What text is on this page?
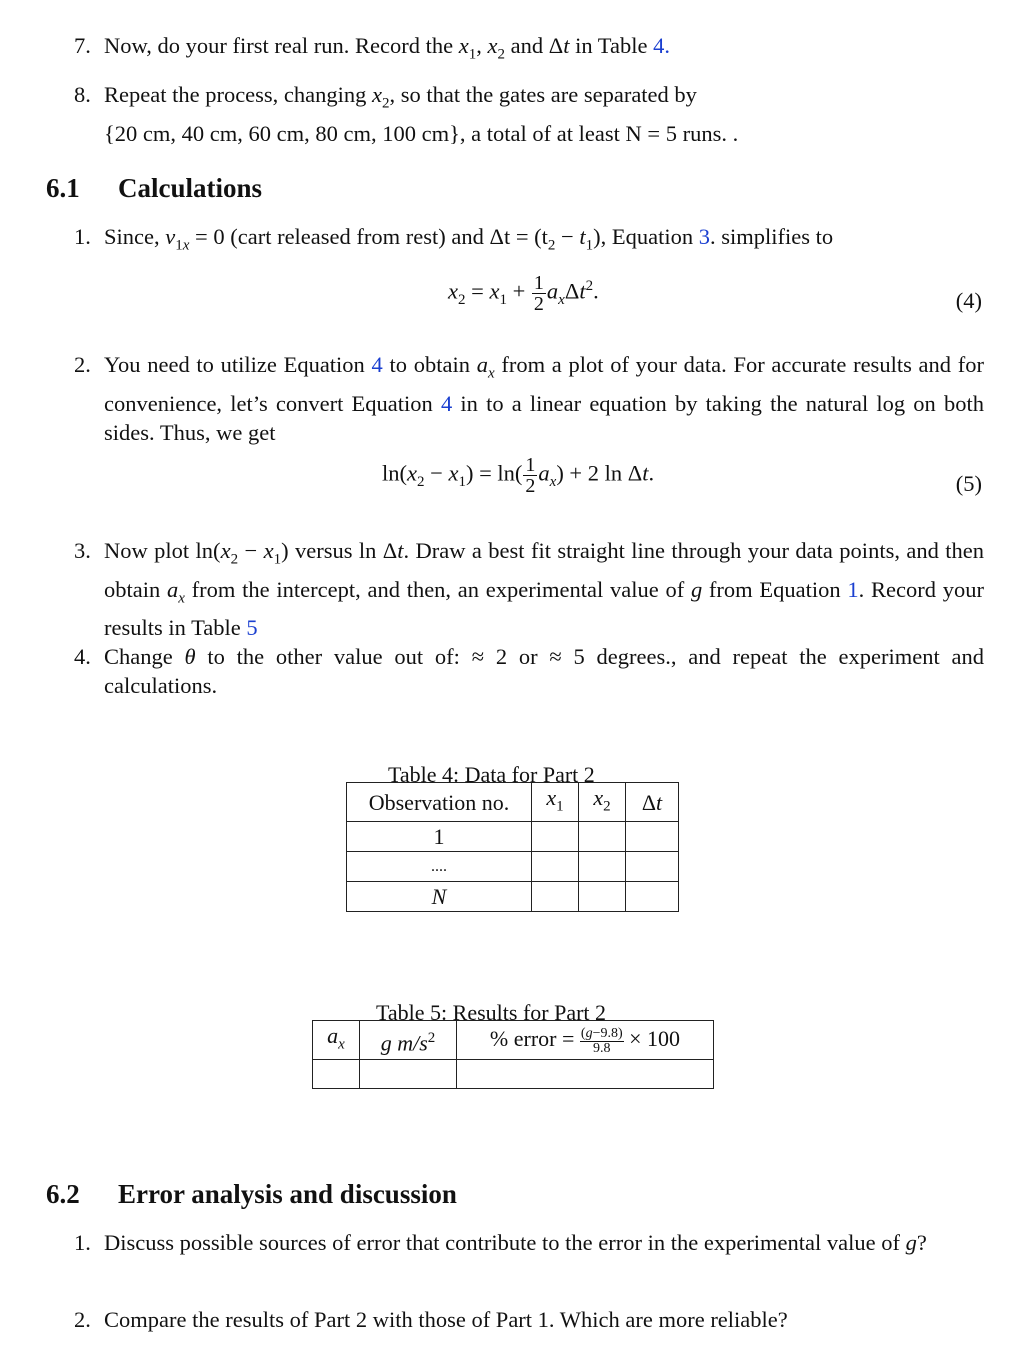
7. Now, do your first real run. Record the $x_1$, $x_2$ and Δt in Table 4.
8. Repeat the process, changing $x_2$, so that the gates are separated by
{20 cm, 40 cm, 60 cm, 80 cm, 100 cm}, a total of at least N = 5 runs. .
6.1 Calculations
1. Since, $v_{1x} = 0$ (cart released from rest) and $\Delta t = (t_2 - t_1)$, Equation 3. simplifies to
$x_2 = x_1 + \frac{1}{2} a_x\Delta t^2$.	(4)
2. You need to utilize Equation 4 to obtain $a_x$ from a plot of your data. For accurate results and for convenience, let’s convert Equation 4 in to a linear equation by taking the natural log on both sides. Thus, we get
$\ln(x_2 - x_1) = \ln( \frac{1}{2} a_x) + 2$ ln Δt.	(5)
3. Now plot $\ln(x_2 - x_1)$ versus ln Δt. Draw a best fit straight line through your data points, and then obtain $a_x$ from the intercept, and then, an experimental value of g from Equation 1. Record your results in Table 5
4. Change θ to the other value out of: ≈ 2 or ≈ 5 degrees., and repeat the experiment and calculations.
Table 4: Data for Part 2
Observation no.	$x_1$	$x_2$	Δt
1			
....			
N			
Table 5: Results for Part 2
$a_x$	g $m/s^2$	% error = $\frac{(g-9.8)}{9.8} \times 100$

6.2 Error analysis and discussion
1. Discuss possible sources of error that contribute to the error in the experimental value of g?
2. Compare the results of Part 2 with those of Part 1. Which are more reliable?
